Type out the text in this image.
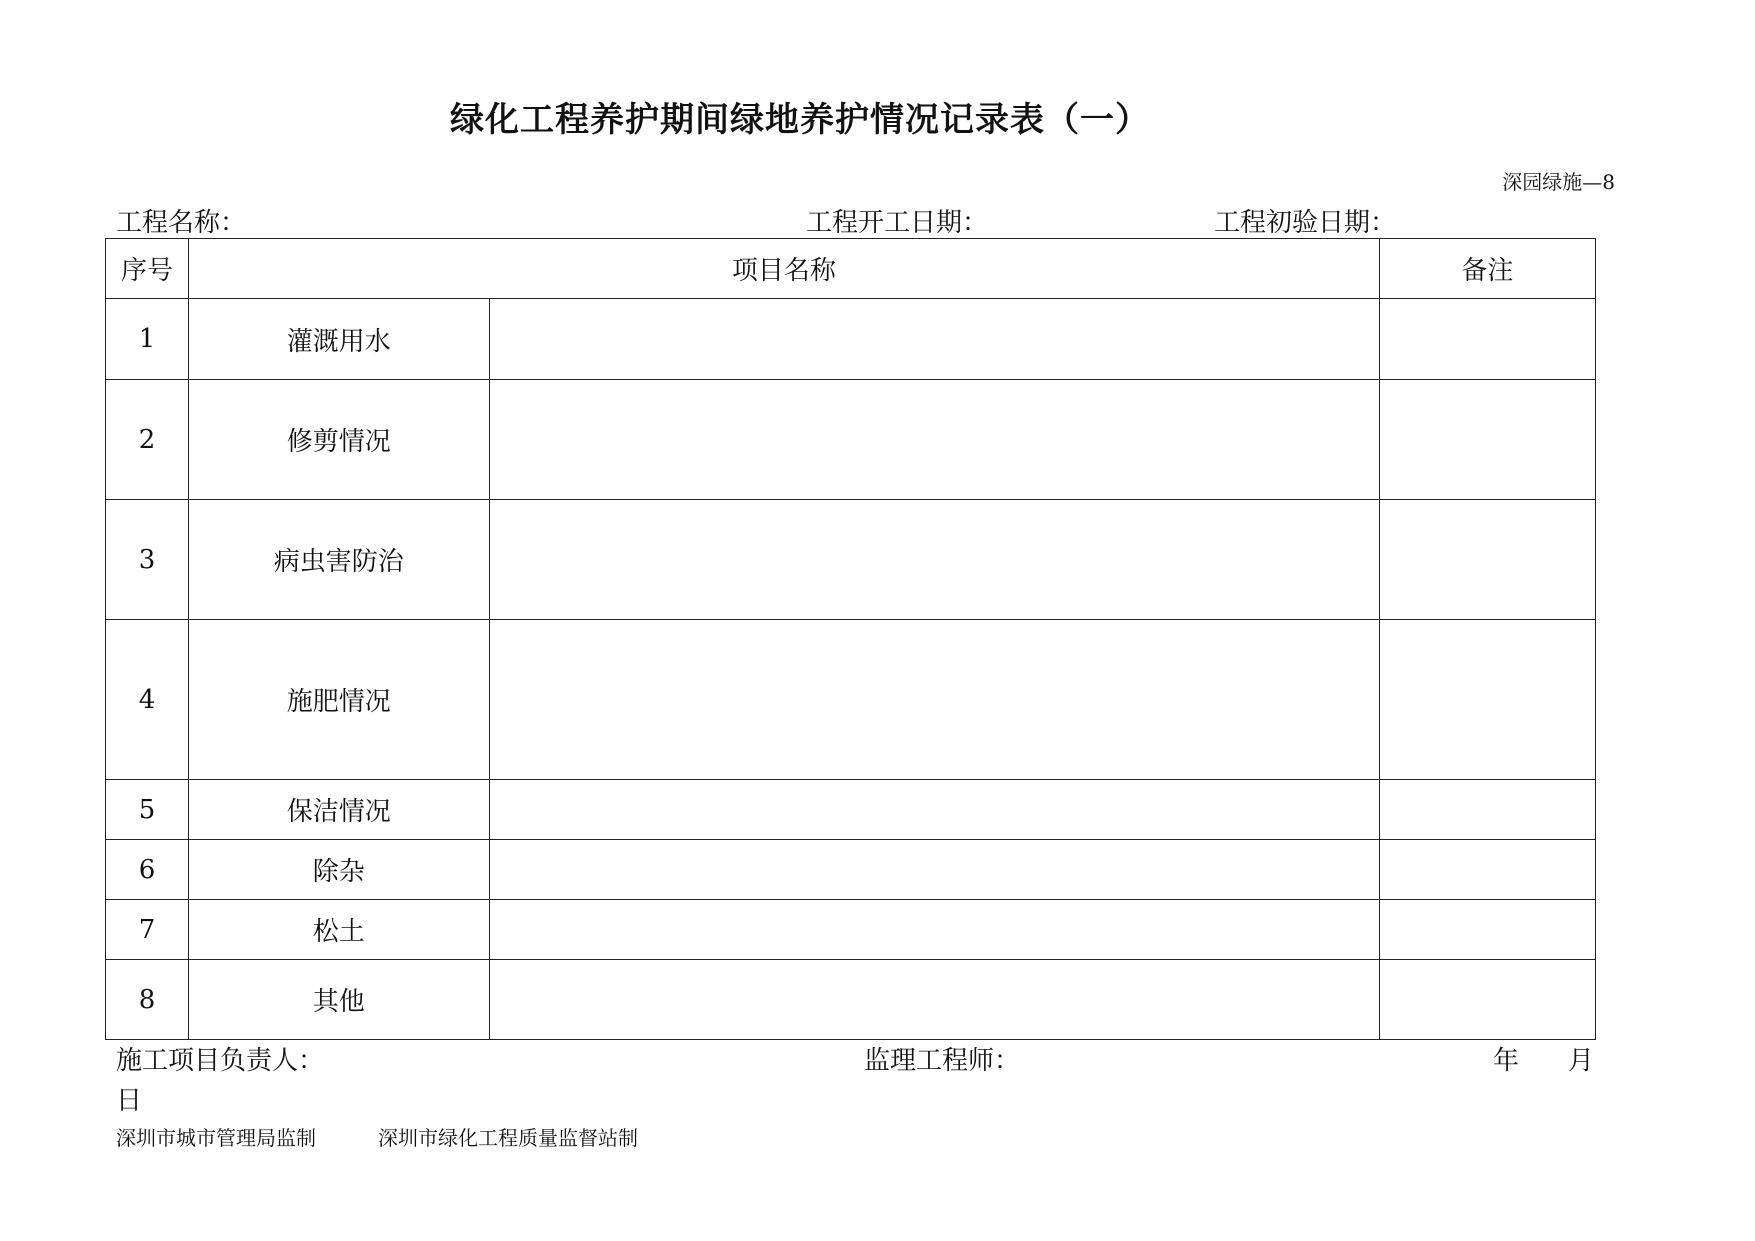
绿化工程养护期间绿地养护情况记录表（一）
深园绿施—8
工程名称：	工程开工日期：	工程初验日期：
序号	项目名称		备注
1	灌溉用水		
2	修剪情况		
3	病虫害防治		
4	施肥情况		
5	保洁情况		
6	除杂		
7	松土		
8	其他		
施工项目负责人：	监理工程师：	年 月
日
深圳市城市管理局监制	深圳市绿化工程质量监督站制
